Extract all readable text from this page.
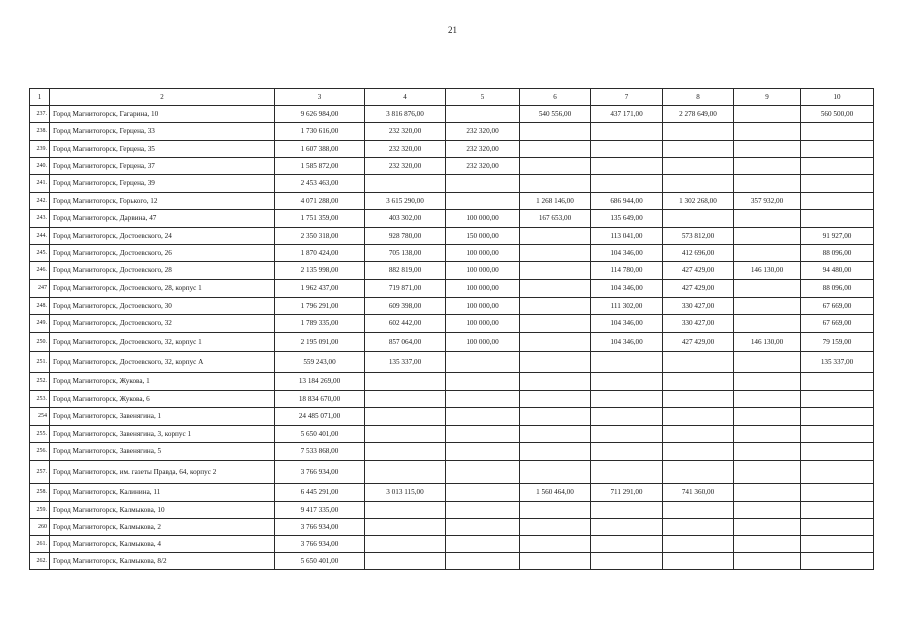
21
1	2	3	4	5	6	7	8	9	10
237.	Город Магнитогорск, Гагарина, 10	9 626 984,00	3 816 876,00		540 556,00	437 171,00	2 278 649,00		560 500,00
238.	Город Магнитогорск, Герцена, 33	1 730 616,00	232 320,00	232 320,00					
239.	Город Магнитогорск, Герцена, 35	1 607 388,00	232 320,00	232 320,00					
240.	Город Магнитогорск, Герцена, 37	1 585 872,00	232 320,00	232 320,00					
241.	Город Магнитогорск, Герцена, 39	2 453 463,00							
242.	Город Магнитогорск, Горького, 12	4 071 288,00	3 615 290,00		1 268 146,00	686 944,00	1 302 268,00	357 932,00	
243.	Город Магнитогорск, Дарвина, 47	1 751 359,00	403 302,00	100 000,00	167 653,00	135 649,00			
244.	Город Магнитогорск, Достоевского, 24	2 350 318,00	928 780,00	150 000,00		113 041,00	573 812,00		91 927,00
245.	Город Магнитогорск, Достоевского, 26	1 870 424,00	705 138,00	100 000,00		104 346,00	412 696,00		88 096,00
246.	Город Магнитогорск, Достоевского, 28	2 135 998,00	882 819,00	100 000,00		114 780,00	427 429,00	146 130,00	94 480,00
247	Город Магнитогорск, Достоевского, 28, корпус 1	1 962 437,00	719 871,00	100 000,00		104 346,00	427 429,00		88 096,00
248.	Город Магнитогорск, Достоевского, 30	1 796 291,00	609 398,00	100 000,00		111 302,00	330 427,00		67 669,00
249.	Город Магнитогорск, Достоевского, 32	1 789 335,00	602 442,00	100 000,00		104 346,00	330 427,00		67 669,00
250.	Город Магнитогорск, Достоевского, 32, корпус 1	2 195 091,00	857 064,00	100 000,00		104 346,00	427 429,00	146 130,00	79 159,00
251.	Город Магнитогорск, Достоевского, 32, корпус А	559 243,00	135 337,00						135 337,00
252.	Город Магнитогорск, Жукова, 1	13 184 269,00							
253.	Город Магнитогорск, Жукова, 6	18 834 670,00							
254	Город Магнитогорск, Завенягина, 1	24 485 071,00							
255.	Город Магнитогорск, Завенягина, 3, корпус 1	5 650 401,00							
256.	Город Магнитогорск, Завенягина, 5	7 533 868,00							
257.	Город Магнитогорск, им. газеты Правда, 64, корпус 2	3 766 934,00							
258.	Город Магнитогорск, Калинина, 11	6 445 291,00	3 013 115,00		1 560 464,00	711 291,00	741 360,00		
259.	Город Магнитогорск, Калмыкова, 10	9 417 335,00							
260	Город Магнитогорск, Калмыкова, 2	3 766 934,00							
261.	Город Магнитогорск, Калмыкова, 4	3 766 934,00							
262.	Город Магнитогорск, Калмыкова, 8/2	5 650 401,00							
